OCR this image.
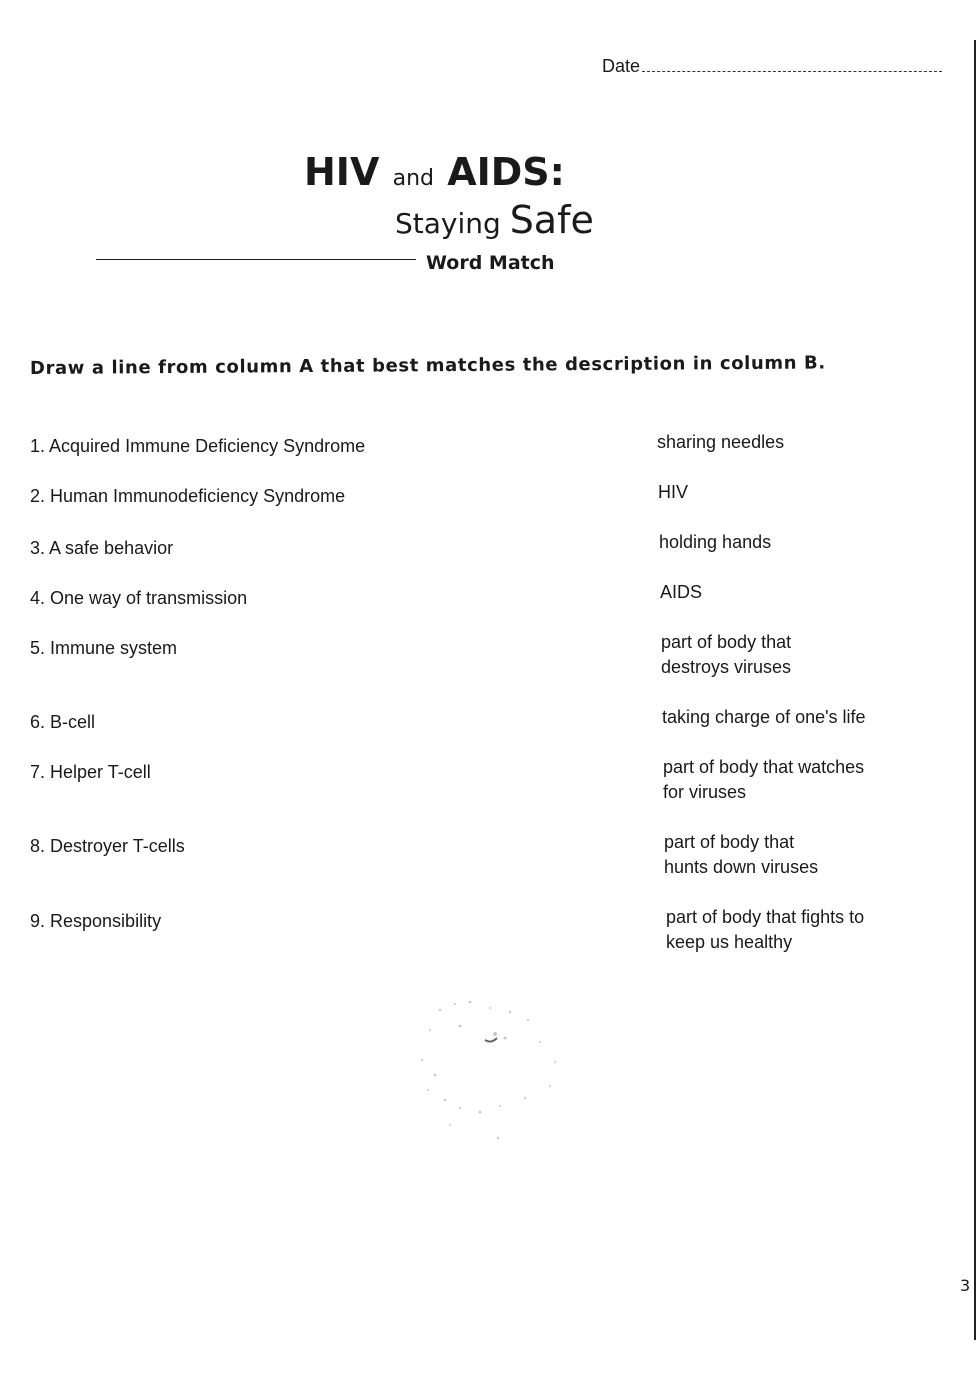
Date
HIV and AIDS:
Staying Safe
Word Match
Draw a line from column A that best matches the description in column B.
1. Acquired Immune Deficiency Syndrome
2. Human Immunodeficiency Syndrome
3. A safe behavior
4. One way of transmission
5. Immune system
6. B-cell
7. Helper T-cell
8. Destroyer T-cells
9. Responsibility
sharing needles
HIV
holding hands
AIDS
part of body that
destroys viruses
taking charge of one's life
part of body that watches
for viruses
part of body that
hunts down viruses
part of body that fights to
keep us healthy
3
